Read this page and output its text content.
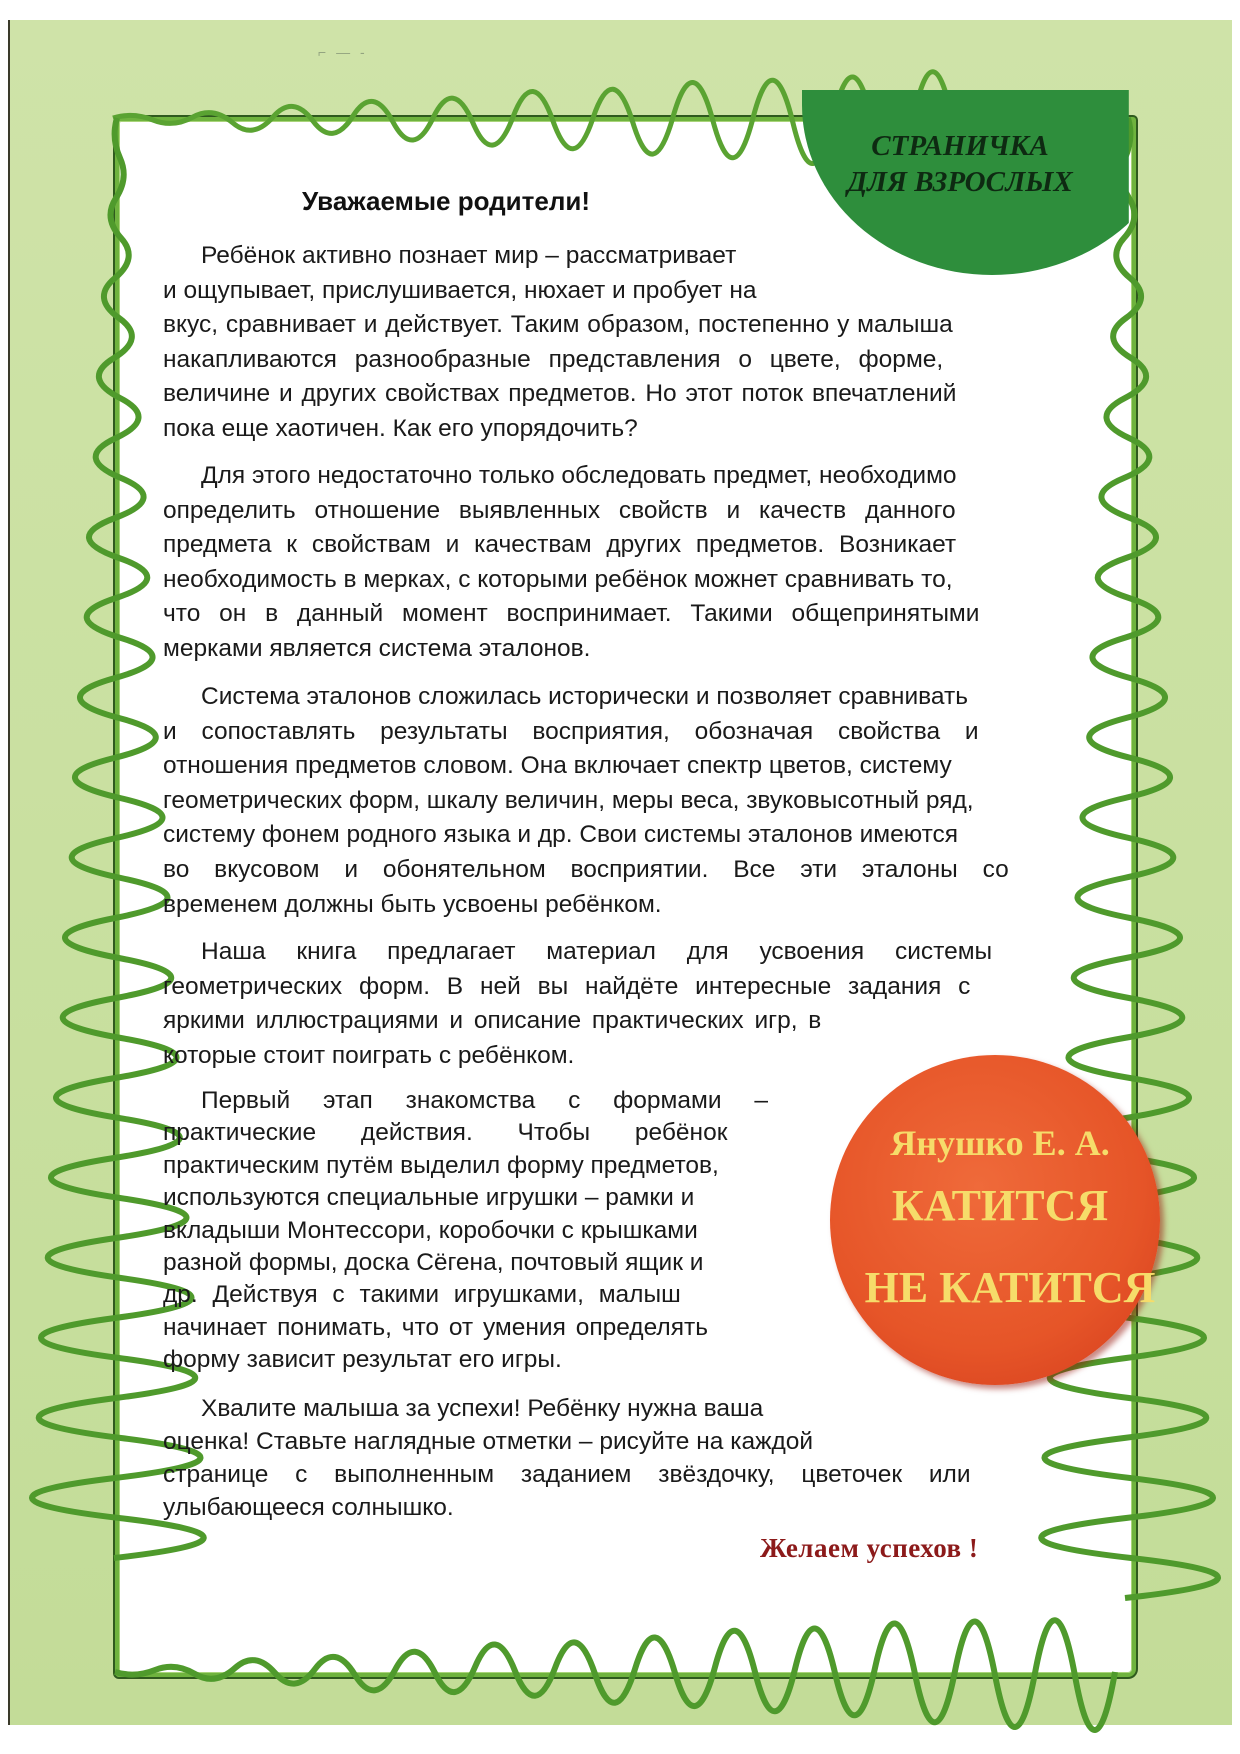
⌐ — -
СТРАНИЧКА
ДЛЯ ВЗРОСЛЫХ
Уважаемые родители!
Ребёнок активно познает мир – рассматривает
и ощупывает, прислушивается, нюхает и пробует на
вкус, сравнивает и действует. Таким образом, постепенно у малыша
накапливаются разнообразные представления о цвете, форме,
величине и других свойствах предметов. Но этот поток впечатлений
пока еще хаотичен. Как его упорядочить?
Для этого недостаточно только обследовать предмет, необходимо
определить отношение выявленных свойств и качеств данного
предмета к свойствам и качествам других предметов. Возникает
необходимость в мерках, с которыми ребёнок можнет сравнивать то,
что он в данный момент воспринимает. Такими общепринятыми
мерками является система эталонов.
Система эталонов сложилась исторически и позволяет сравнивать
и сопоставлять результаты восприятия, обозначая свойства и
отношения предметов словом. Она включает спектр цветов, систему
геометрических форм, шкалу величин, меры веса, звуковысотный ряд,
систему фонем родного языка и др. Свои системы эталонов имеются
во вкусовом и обонятельном восприятии. Все эти эталоны со
временем должны быть усвоены ребёнком.
Наша книга предлагает материал для усвоения системы
геометрических форм. В ней вы найдёте интересные задания с
яркими иллюстрациями и описание практических игр, в
которые стоит поиграть с ребёнком.
Первый этап знакомства с формами –
практические действия. Чтобы ребёнок
практическим путём выделил форму предметов,
используются специальные игрушки – рамки и
вкладыши Монтессори, коробочки с крышками
разной формы, доска Сёгена, почтовый ящик и
др. Действуя с такими игрушками, малыш
начинает понимать, что от умения определять
форму зависит результат его игры.
Янушко Е. А.
КАТИТСЯ
НЕ КАТИТСЯ
Хвалите малыша за успехи! Ребёнку нужна ваша
оценка! Ставьте наглядные отметки – рисуйте на каждой
странице с выполненным заданием звёздочку, цветочек или
улыбающееся солнышко.
Желаем успехов !
